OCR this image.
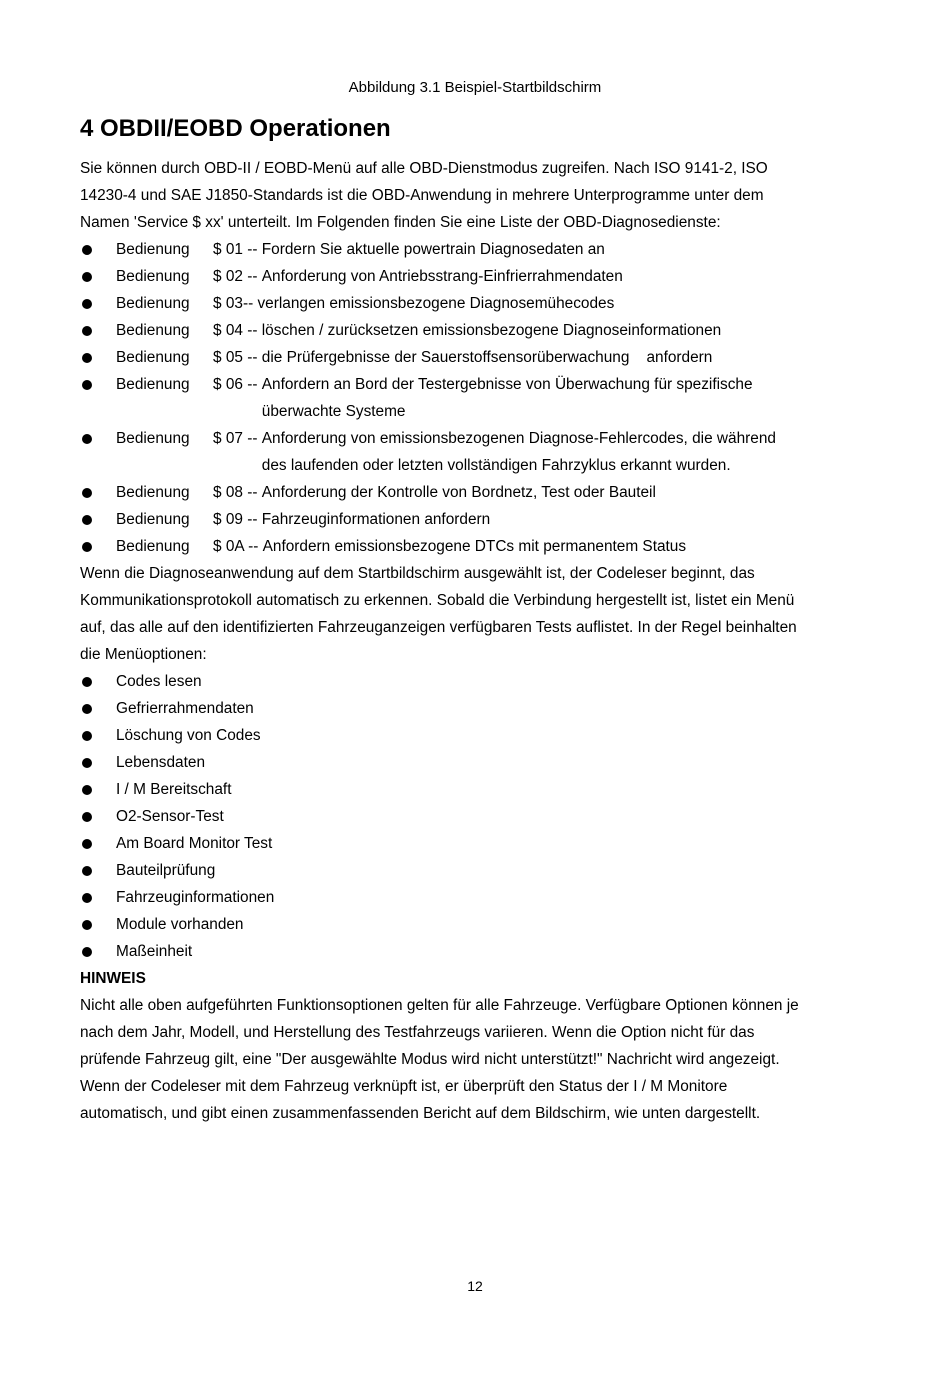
Abbildung 3.1 Beispiel-Startbildschirm
4 OBDII/EOBD Operationen

Sie können durch OBD-II / EOBD-Menü auf alle OBD-Dienstmodus zugreifen. Nach ISO 9141-2, ISO 14230-4 und SAE J1850-Standards ist die OBD-Anwendung in mehrere Unterprogramme unter dem Namen 'Service $ xx' unterteilt. Im Folgenden finden Sie eine Liste der OBD-Diagnosedienste:

Bedienung	$ 01 -- Fordern Sie aktuelle powertrain Diagnosedaten an
Bedienung	$ 02 -- Anforderung von Antriebsstrang-Einfrierrahmendaten
Bedienung	$ 03-- verlangen emissionsbezogene Diagnosemühecodes
Bedienung	$ 04 -- löschen / zurücksetzen emissionsbezogene Diagnoseinformationen
Bedienung	$ 05 -- die Prüfergebnisse der Sauerstoffsensorüberwachung    anfordern
Bedienung	$ 06 -- Anfordern an Bord der Testergebnisse von Überwachung für spezifische überwachte Systeme
Bedienung	$ 07 -- Anforderung von emissionsbezogenen Diagnose-Fehlercodes, die während des laufenden oder letzten vollständigen Fahrzyklus erkannt wurden.
Bedienung	$ 08 -- Anforderung der Kontrolle von Bordnetz, Test oder Bauteil
Bedienung	$ 09 -- Fahrzeuginformationen anfordern
Bedienung	$ 0A -- Anfordern emissionsbezogene DTCs mit permanentem Status

Wenn die Diagnoseanwendung auf dem Startbildschirm ausgewählt ist, der Codeleser beginnt, das Kommunikationsprotokoll automatisch zu erkennen. Sobald die Verbindung hergestellt ist, listet ein Menü auf, das alle auf den identifizierten Fahrzeuganzeigen verfügbaren Tests auflistet. In der Regel beinhalten die Menüoptionen:

Codes lesen
Gefrierrahmendaten
Löschung von Codes
Lebensdaten
I / M Bereitschaft
O2-Sensor-Test
Am Board Monitor Test
Bauteilprüfung
Fahrzeuginformationen
Module vorhanden
Maßeinheit

HINWEIS

Nicht alle oben aufgeführten Funktionsoptionen gelten für alle Fahrzeuge. Verfügbare Optionen können je nach dem Jahr, Modell, und Herstellung des Testfahrzeugs variieren. Wenn die Option nicht für das prüfende Fahrzeug gilt, eine "Der ausgewählte Modus wird nicht unterstützt!" Nachricht wird angezeigt. Wenn der Codeleser mit dem Fahrzeug verknüpft ist, er überprüft den Status der I / M Monitore automatisch, und gibt einen zusammenfassenden Bericht auf dem Bildschirm, wie unten dargestellt.

12
